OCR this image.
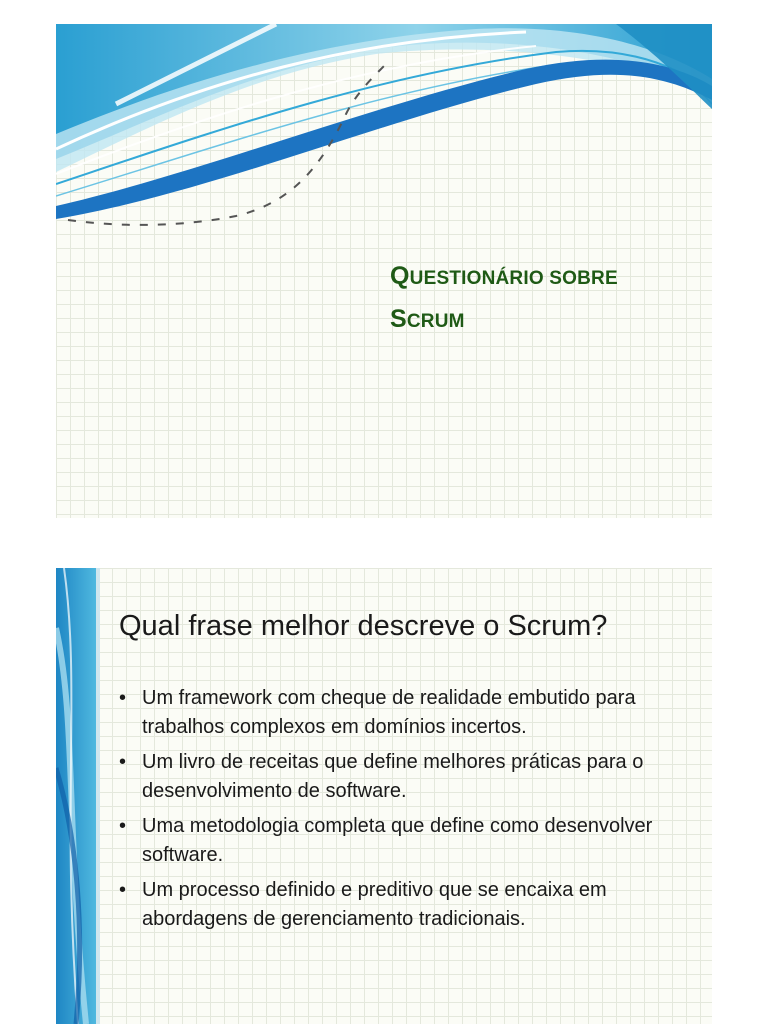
QUESTIONÁRIO SOBRE
SCRUM
Qual frase melhor descreve o Scrum?
• Um framework com cheque de realidade embutido para trabalhos complexos em domínios incertos.
• Um livro de receitas que define melhores práticas para o desenvolvimento de software.
• Uma metodologia completa que define como desenvolver software.
• Um processo definido e preditivo que se encaixa em abordagens de gerenciamento tradicionais.
